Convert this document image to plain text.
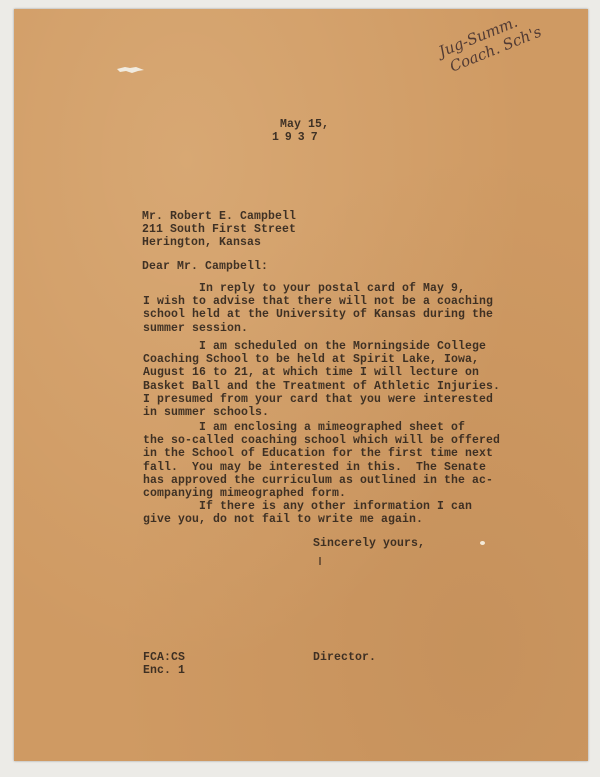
Jug-Summ.
Coach. Sch's
May 15,
1937
Mr. Robert E. Campbell
211 South First Street
Herington, Kansas
Dear Mr. Campbell:
In reply to your postal card of May 9,
I wish to advise that there will not be a coaching
school held at the University of Kansas during the
summer session.
I am scheduled on the Morningside College
Coaching School to be held at Spirit Lake, Iowa,
August 16 to 21, at which time I will lecture on
Basket Ball and the Treatment of Athletic Injuries.
I presumed from your card that you were interested
in summer schools.
I am enclosing a mimeographed sheet of
the so-called coaching school which will be offered
in the School of Education for the first time next
fall.  You may be interested in this.  The Senate
has approved the curriculum as outlined in the ac-
companying mimeographed form.
If there is any other information I can
give you, do not fail to write me again.
Sincerely yours,
FCA:CS
Enc. 1
Director.
